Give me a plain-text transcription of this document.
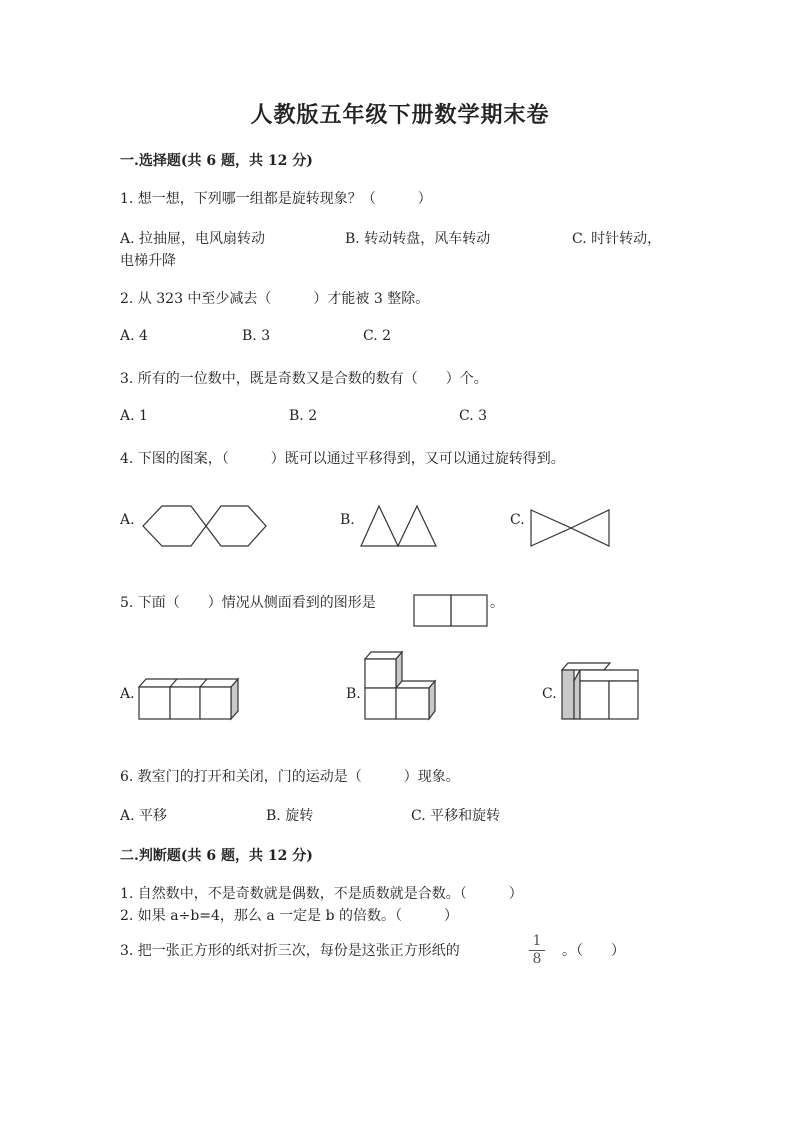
人教版五年级下册数学期末卷
一.选择题(共 6 题，共 12 分)
1. 想一想，下列哪一组都是旋转现象？（　　　）
A. 拉抽屉，电风扇转动	B. 转动转盘，风车转动	C. 时针转动，
电梯升降
2. 从 323 中至少减去（　　　）才能被 3 整除。
A. 4	B. 3	C. 2
3. 所有的一位数中，既是奇数又是合数的数有（　　）个。
A. 1	B. 2	C. 3
4. 下图的图案，（　　　）既可以通过平移得到，又可以通过旋转得到。
A.	B.	C.
5. 下面（　　）情况从侧面看到的图形是	。
A.	B.	C.
6. 教室门的打开和关闭，门的运动是（　　　）现象。
A. 平移	B. 旋转	C. 平移和旋转
二.判断题(共 6 题，共 12 分)
1. 自然数中，不是奇数就是偶数，不是质数就是合数。（　　　）
2. 如果 a÷b=4，那么 a 一定是 b 的倍数。（　　　）
3. 把一张正方形的纸对折三次，每份是这张正方形纸的
1
8	。（　　）
